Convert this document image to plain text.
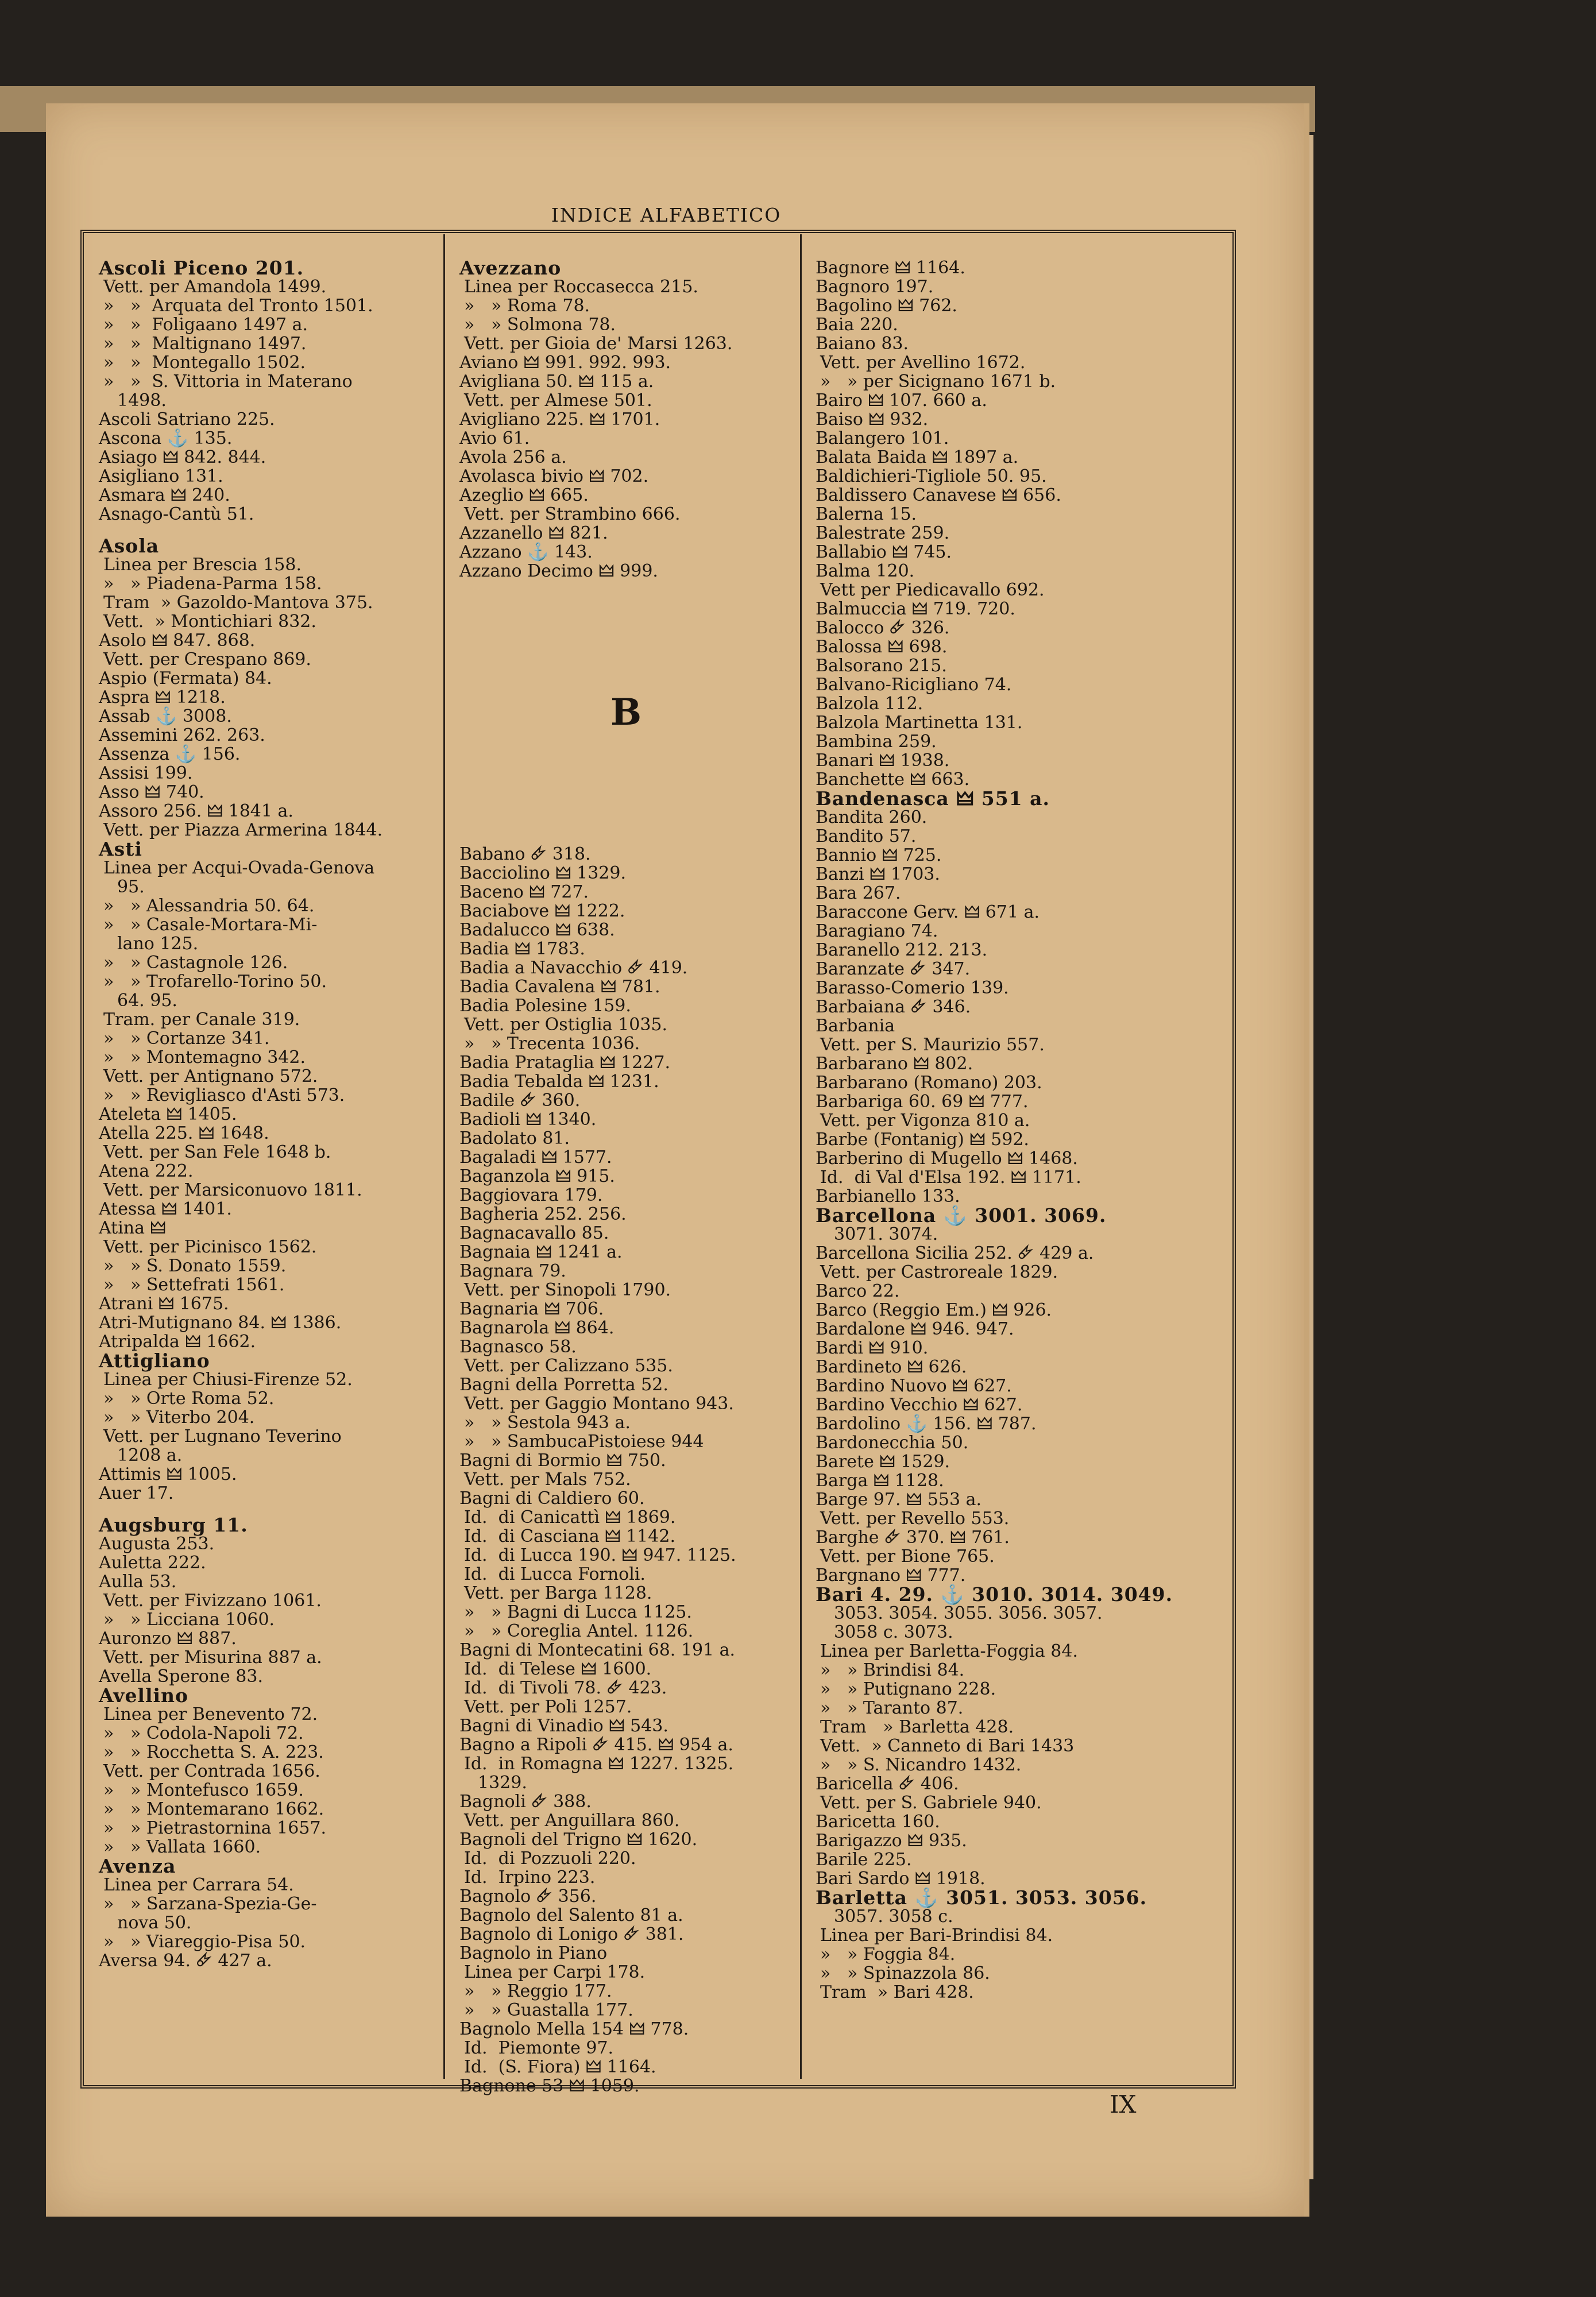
INDICE ALFABETICO
Ascoli Piceno 201.
Vett. per Amandola 1499.
»   »  Arquata del Tronto 1501.
»   »  Foligaano 1497 a.
»   »  Maltignano 1497.
»   »  Montegallo 1502.
»   »  S. Vittoria in Materano
1498.
Ascoli Satriano 225.
Ascona ⚓ 135.
Asiago 🜲 842. 844.
Asigliano 131.
Asmara 🜲 240.
Asnago-Cantù 51.
Asola
Linea per Brescia 158.
»   » Piadena-Parma 158.
Tram  » Gazoldo-Mantova 375.
Vett.  » Montichiari 832.
Asolo 🜲 847. 868.
Vett. per Crespano 869.
Aspio (Fermata) 84.
Aspra 🜲 1218.
Assab ⚓ 3008.
Assemini 262. 263.
Assenza ⚓ 156.
Assisi 199.
Asso 🜲 740.
Assoro 256. 🜲 1841 a.
Vett. per Piazza Armerina 1844.
Asti
Linea per Acqui-Ovada-Genova
95.
»   » Alessandria 50. 64.
»   » Casale-Mortara-Mi-
lano 125.
»   » Castagnole 126.
»   » Trofarello-Torino 50.
64. 95.
Tram. per Canale 319.
»   » Cortanze 341.
»   » Montemagno 342.
Vett. per Antignano 572.
»   » Revigliasco d'Asti 573.
Ateleta 🜲 1405.
Atella 225. 🜲 1648.
Vett. per San Fele 1648 b.
Atena 222.
Vett. per Marsiconuovo 1811.
Atessa 🜲 1401.
Atina 🜲
Vett. per Picinisco 1562.
»   » S. Donato 1559.
»   » Settefrati 1561.
Atrani 🜲 1675.
Atri-Mutignano 84. 🜲 1386.
Atripalda 🜲 1662.
Attigliano
Linea per Chiusi-Firenze 52.
»   » Orte Roma 52.
»   » Viterbo 204.
Vett. per Lugnano Teverino
1208 a.
Attimis 🜲 1005.
Auer 17.
Augsburg 11.
Augusta 253.
Auletta 222.
Aulla 53.
Vett. per Fivizzano 1061.
»   » Licciana 1060.
Auronzo 🜲 887.
Vett. per Misurina 887 a.
Avella Sperone 83.
Avellino
Linea per Benevento 72.
»   » Codola-Napoli 72.
»   » Rocchetta S. A. 223.
Vett. per Contrada 1656.
»   » Montefusco 1659.
»   » Montemarano 1662.
»   » Pietrastornina 1657.
»   » Vallata 1660.
Avenza
Linea per Carrara 54.
»   » Sarzana-Spezia-Ge-
nova 50.
»   » Viareggio-Pisa 50.
Aversa 94. 🜸 427 a.
Avezzano
Linea per Roccasecca 215.
»   » Roma 78.
»   » Solmona 78.
Vett. per Gioia de' Marsi 1263.
Aviano 🜲 991. 992. 993.
Avigliana 50. 🜲 115 a.
Vett. per Almese 501.
Avigliano 225. 🜲 1701.
Avio 61.
Avola 256 a.
Avolasca bivio 🜲 702.
Azeglio 🜲 665.
Vett. per Strambino 666.
Azzanello 🜲 821.
Azzano ⚓ 143.
Azzano Decimo 🜲 999.
B
Babano 🜸 318.
Bacciolino 🜲 1329.
Baceno 🜲 727.
Baciabove 🜲 1222.
Badalucco 🜲 638.
Badia 🜲 1783.
Badia a Navacchio 🜸 419.
Badia Cavalena 🜲 781.
Badia Polesine 159.
Vett. per Ostiglia 1035.
»   » Trecenta 1036.
Badia Prataglia 🜲 1227.
Badia Tebalda 🜲 1231.
Badile 🜸 360.
Badioli 🜲 1340.
Badolato 81.
Bagaladi 🜲 1577.
Baganzola 🜲 915.
Baggiovara 179.
Bagheria 252. 256.
Bagnacavallo 85.
Bagnaia 🜲 1241 a.
Bagnara 79.
Vett. per Sinopoli 1790.
Bagnaria 🜲 706.
Bagnarola 🜲 864.
Bagnasco 58.
Vett. per Calizzano 535.
Bagni della Porretta 52.
Vett. per Gaggio Montano 943.
»   » Sestola 943 a.
»   » SambucaPistoiese 944
Bagni di Bormio 🜲 750.
Vett. per Mals 752.
Bagni di Caldiero 60.
Id.  di Canicattì 🜲 1869.
Id.  di Casciana 🜲 1142.
Id.  di Lucca 190. 🜲 947. 1125.
Id.  di Lucca Fornoli.
Vett. per Barga 1128.
»   » Bagni di Lucca 1125.
»   » Coreglia Antel. 1126.
Bagni di Montecatini 68. 191 a.
Id.  di Telese 🜲 1600.
Id.  di Tivoli 78. 🜸 423.
Vett. per Poli 1257.
Bagni di Vinadio 🜲 543.
Bagno a Ripoli 🜸 415. 🜲 954 a.
Id.  in Romagna 🜲 1227. 1325.
1329.
Bagnoli 🜸 388.
Vett. per Anguillara 860.
Bagnoli del Trigno 🜲 1620.
Id.  di Pozzuoli 220.
Id.  Irpino 223.
Bagnolo 🜸 356.
Bagnolo del Salento 81 a.
Bagnolo di Lonigo 🜸 381.
Bagnolo in Piano
Linea per Carpi 178.
»   » Reggio 177.
»   » Guastalla 177.
Bagnolo Mella 154 🜲 778.
Id.  Piemonte 97.
Id.  (S. Fiora) 🜲 1164.
Bagnone 53 🜲 1059.
Bagnore 🜲 1164.
Bagnoro 197.
Bagolino 🜲 762.
Baia 220.
Baiano 83.
Vett. per Avellino 1672.
»   » per Sicignano 1671 b.
Bairo 🜲 107. 660 a.
Baiso 🜲 932.
Balangero 101.
Balata Baida 🜲 1897 a.
Baldichieri-Tigliole 50. 95.
Baldissero Canavese 🜲 656.
Balerna 15.
Balestrate 259.
Ballabio 🜲 745.
Balma 120.
Vett per Piedicavallo 692.
Balmuccia 🜲 719. 720.
Balocco 🜸 326.
Balossa 🜲 698.
Balsorano 215.
Balvano-Ricigliano 74.
Balzola 112.
Balzola Martinetta 131.
Bambina 259.
Banari 🜲 1938.
Banchette 🜲 663.
Bandenasca 🜲 551 a.
Bandita 260.
Bandito 57.
Bannio 🜲 725.
Banzi 🜲 1703.
Bara 267.
Baraccone Gerv. 🜲 671 a.
Baragiano 74.
Baranello 212. 213.
Baranzate 🜸 347.
Barasso-Comerio 139.
Barbaiana 🜸 346.
Barbania
Vett. per S. Maurizio 557.
Barbarano 🜲 802.
Barbarano (Romano) 203.
Barbariga 60. 69 🜲 777.
Vett. per Vigonza 810 a.
Barbe (Fontanig) 🜲 592.
Barberino di Mugello 🜲 1468.
Id.  di Val d'Elsa 192. 🜲 1171.
Barbianello 133.
Barcellona ⚓ 3001. 3069.
3071. 3074.
Barcellona Sicilia 252. 🜸 429 a.
Vett. per Castroreale 1829.
Barco 22.
Barco (Reggio Em.) 🜲 926.
Bardalone 🜲 946. 947.
Bardi 🜲 910.
Bardineto 🜲 626.
Bardino Nuovo 🜲 627.
Bardino Vecchio 🜲 627.
Bardolino ⚓ 156. 🜲 787.
Bardonecchia 50.
Barete 🜲 1529.
Barga 🜲 1128.
Barge 97. 🜲 553 a.
Vett. per Revello 553.
Barghe 🜸 370. 🜲 761.
Vett. per Bione 765.
Bargnano 🜲 777.
Bari 4. 29. ⚓ 3010. 3014. 3049.
3053. 3054. 3055. 3056. 3057.
3058 c. 3073.
Linea per Barletta-Foggia 84.
»   » Brindisi 84.
»   » Putignano 228.
»   » Taranto 87.
Tram   » Barletta 428.
Vett.  » Canneto di Bari 1433
»   » S. Nicandro 1432.
Baricella 🜸 406.
Vett. per S. Gabriele 940.
Baricetta 160.
Barigazzo 🜲 935.
Barile 225.
Bari Sardo 🜲 1918.
Barletta ⚓ 3051. 3053. 3056.
3057. 3058 c.
Linea per Bari-Brindisi 84.
»   » Foggia 84.
»   » Spinazzola 86.
Tram  » Bari 428.
IX
